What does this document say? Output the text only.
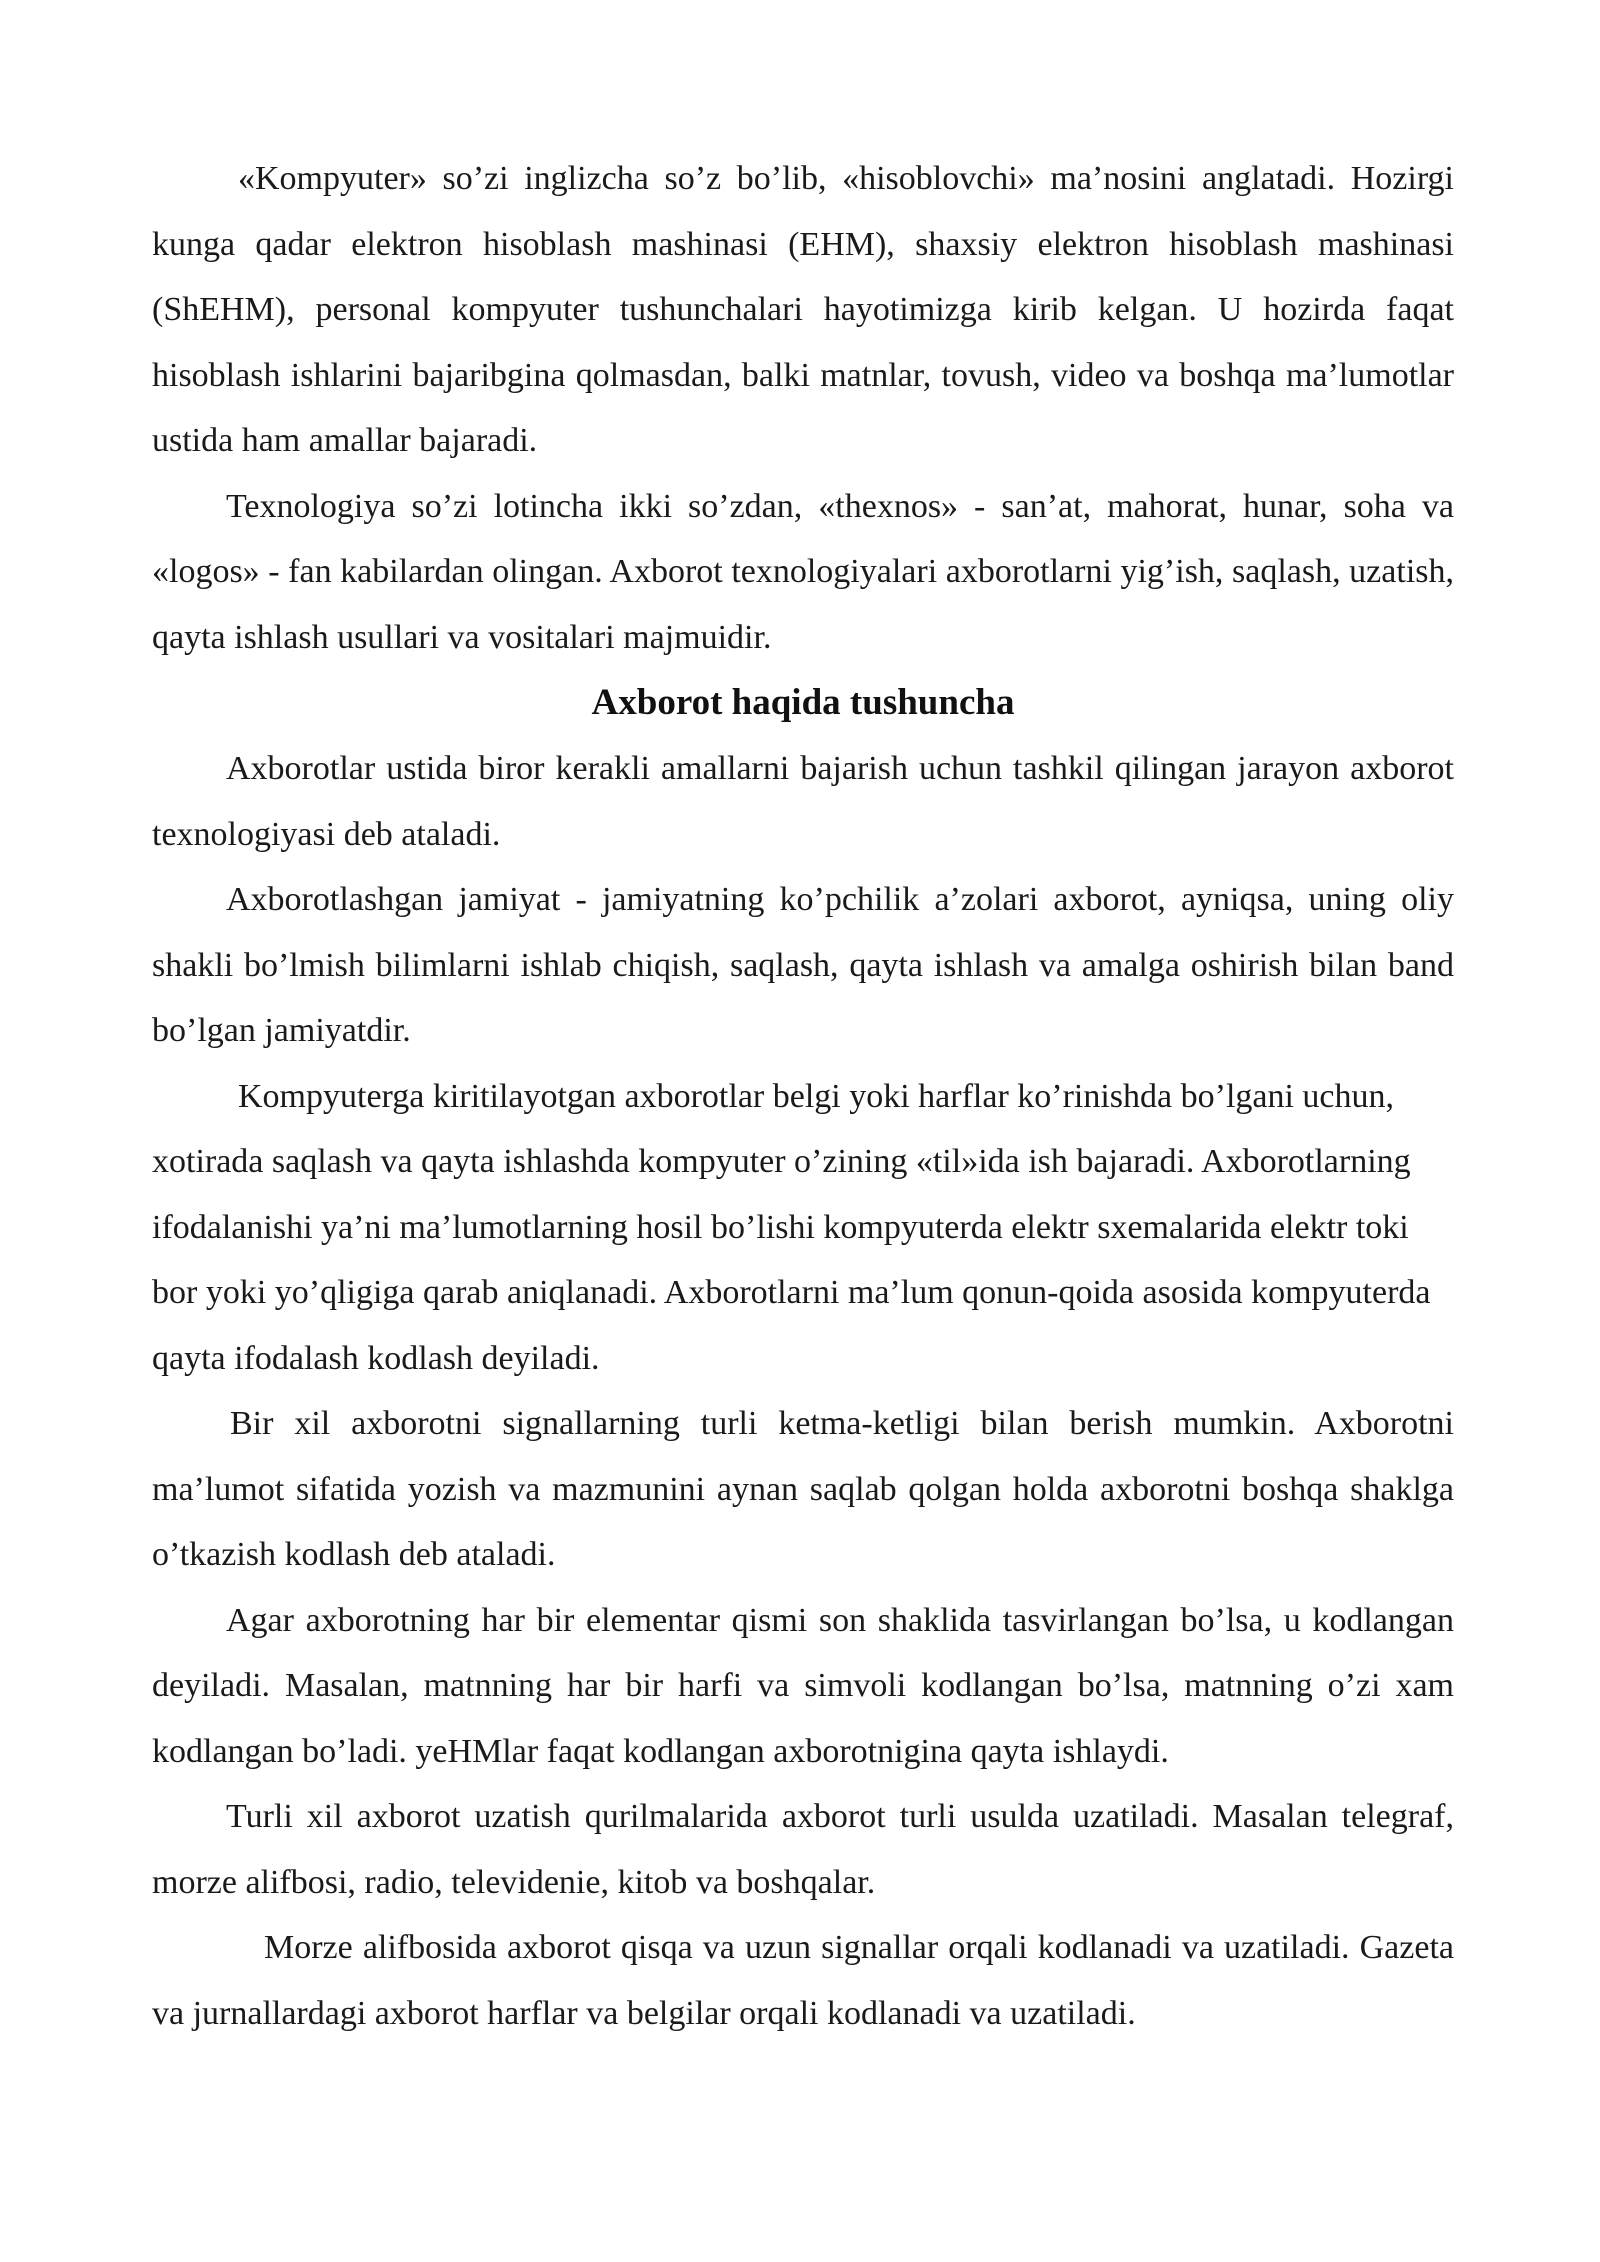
«Kompyuter» so’zi inglizcha so’z bo’lib, «hisoblovchi» ma’nosini anglatadi. Hozirgi kunga qadar elektron hisoblash mashinasi (EHM), shaxsiy elektron hisoblash mashinasi (ShEHM), personal kompyuter tushunchalari hayotimizga kirib kelgan. U hozirda faqat hisoblash ishlarini bajaribgina qolmasdan, balki matnlar, tovush, video va boshqa ma’lumotlar ustida ham amallar bajaradi.

Texnologiya so’zi lotincha ikki so’zdan, «thexnos» - san’at, mahorat, hunar, soha va «logos» - fan kabilardan olingan. Axborot texnologiyalari axborotlarni yig’ish, saqlash, uzatish, qayta ishlash usullari va vositalari majmuidir.

Axborot haqida tushuncha

Axborotlar ustida biror kerakli amallarni bajarish uchun tashkil qilingan jarayon axborot texnologiyasi deb ataladi.

Axborotlashgan jamiyat - jamiyatning ko’pchilik a’zolari axborot, ayniqsa, uning oliy shakli bo’lmish bilimlarni ishlab chiqish, saqlash, qayta ishlash va amalga oshirish bilan band bo’lgan jamiyatdir.

Kompyuterga kiritilayotgan axborotlar belgi yoki harflar ko’rinishda bo’lgani uchun, xotirada saqlash va qayta ishlashda kompyuter o’zining «til»ida ish bajaradi. Axborotlarning ifodalanishi ya’ni ma’lumotlarning hosil bo’lishi kompyuterda elektr sxemalarida elektr toki bor yoki yo’qligiga qarab aniqlanadi. Axborotlarni ma’lum qonun-qoida asosida kompyuterda qayta ifodalash kodlash deyiladi.

Bir xil axborotni signallarning turli ketma-ketligi bilan berish mumkin. Axborotni ma’lumot sifatida yozish va mazmunini aynan saqlab qolgan holda axborotni boshqa shaklga o’tkazish kodlash deb ataladi.

Agar axborotning har bir elementar qismi son shaklida tasvirlangan bo’lsa, u kodlangan deyiladi. Masalan, matnning har bir harfi va simvoli kodlangan bo’lsa, matnning o’zi xam kodlangan bo’ladi. yeHMlar faqat kodlangan axborotnigina qayta ishlaydi.

Turli xil axborot uzatish qurilmalarida axborot turli usulda uzatiladi. Masalan telegraf, morze alifbosi, radio, televidenie, kitob va boshqalar.

Morze alifbosida axborot qisqa va uzun signallar orqali kodlanadi va uzatiladi. Gazeta va jurnallardagi axborot harflar va belgilar orqali kodlanadi va uzatiladi.
